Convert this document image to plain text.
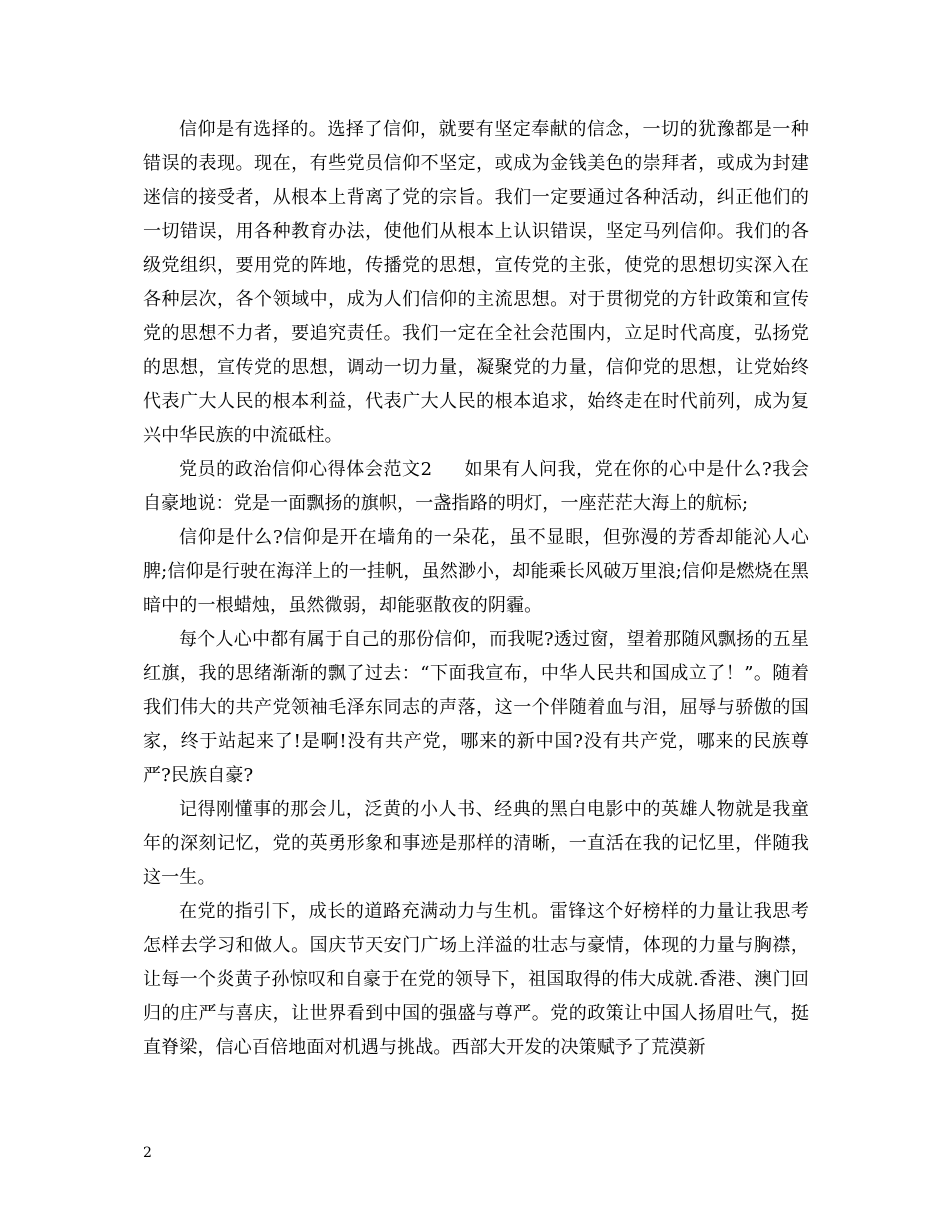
信仰是有选择的。选择了信仰，就要有坚定奉献的信念，一切的犹豫都是一种错误的表现。现在，有些党员信仰不坚定，或成为金钱美色的崇拜者，或成为封建迷信的接受者，从根本上背离了党的宗旨。我们一定要通过各种活动，纠正他们的一切错误，用各种教育办法，使他们从根本上认识错误，坚定马列信仰。我们的各级党组织，要用党的阵地，传播党的思想，宣传党的主张，使党的思想切实深入在各种层次，各个领域中，成为人们信仰的主流思想。对于贯彻党的方针政策和宣传党的思想不力者，要追究责任。我们一定在全社会范围内，立足时代高度，弘扬党的思想，宣传党的思想，调动一切力量，凝聚党的力量，信仰党的思想，让党始终代表广大人民的根本利益，代表广大人民的根本追求，始终走在时代前列，成为复兴中华民族的中流砥柱。

党员的政治信仰心得体会范文2 如果有人问我，党在你的心中是什么?我会自豪地说：党是一面飘扬的旗帜，一盏指路的明灯，一座茫茫大海上的航标;

信仰是什么?信仰是开在墙角的一朵花，虽不显眼，但弥漫的芳香却能沁人心脾;信仰是行驶在海洋上的一挂帆，虽然渺小，却能乘长风破万里浪;信仰是燃烧在黑暗中的一根蜡烛，虽然微弱，却能驱散夜的阴霾。

每个人心中都有属于自己的那份信仰，而我呢?透过窗，望着那随风飘扬的五星红旗，我的思绪渐渐的飘了过去：“下面我宣布，中华人民共和国成立了！”。随着我们伟大的共产党领袖毛泽东同志的声落，这一个伴随着血与泪，屈辱与骄傲的国家，终于站起来了!是啊!没有共产党，哪来的新中国?没有共产党，哪来的民族尊严?民族自豪?

记得刚懂事的那会儿，泛黄的小人书、经典的黑白电影中的英雄人物就是我童年的深刻记忆，党的英勇形象和事迹是那样的清晰，一直活在我的记忆里，伴随我这一生。

在党的指引下，成长的道路充满动力与生机。雷锋这个好榜样的力量让我思考怎样去学习和做人。国庆节天安门广场上洋溢的壮志与豪情，体现的力量与胸襟，让每一个炎黄子孙惊叹和自豪于在党的领导下，祖国取得的伟大成就.香港、澳门回归的庄严与喜庆，让世界看到中国的强盛与尊严。党的政策让中国人扬眉吐气，挺直脊梁，信心百倍地面对机遇与挑战。西部大开发的决策赋予了荒漠新

2
